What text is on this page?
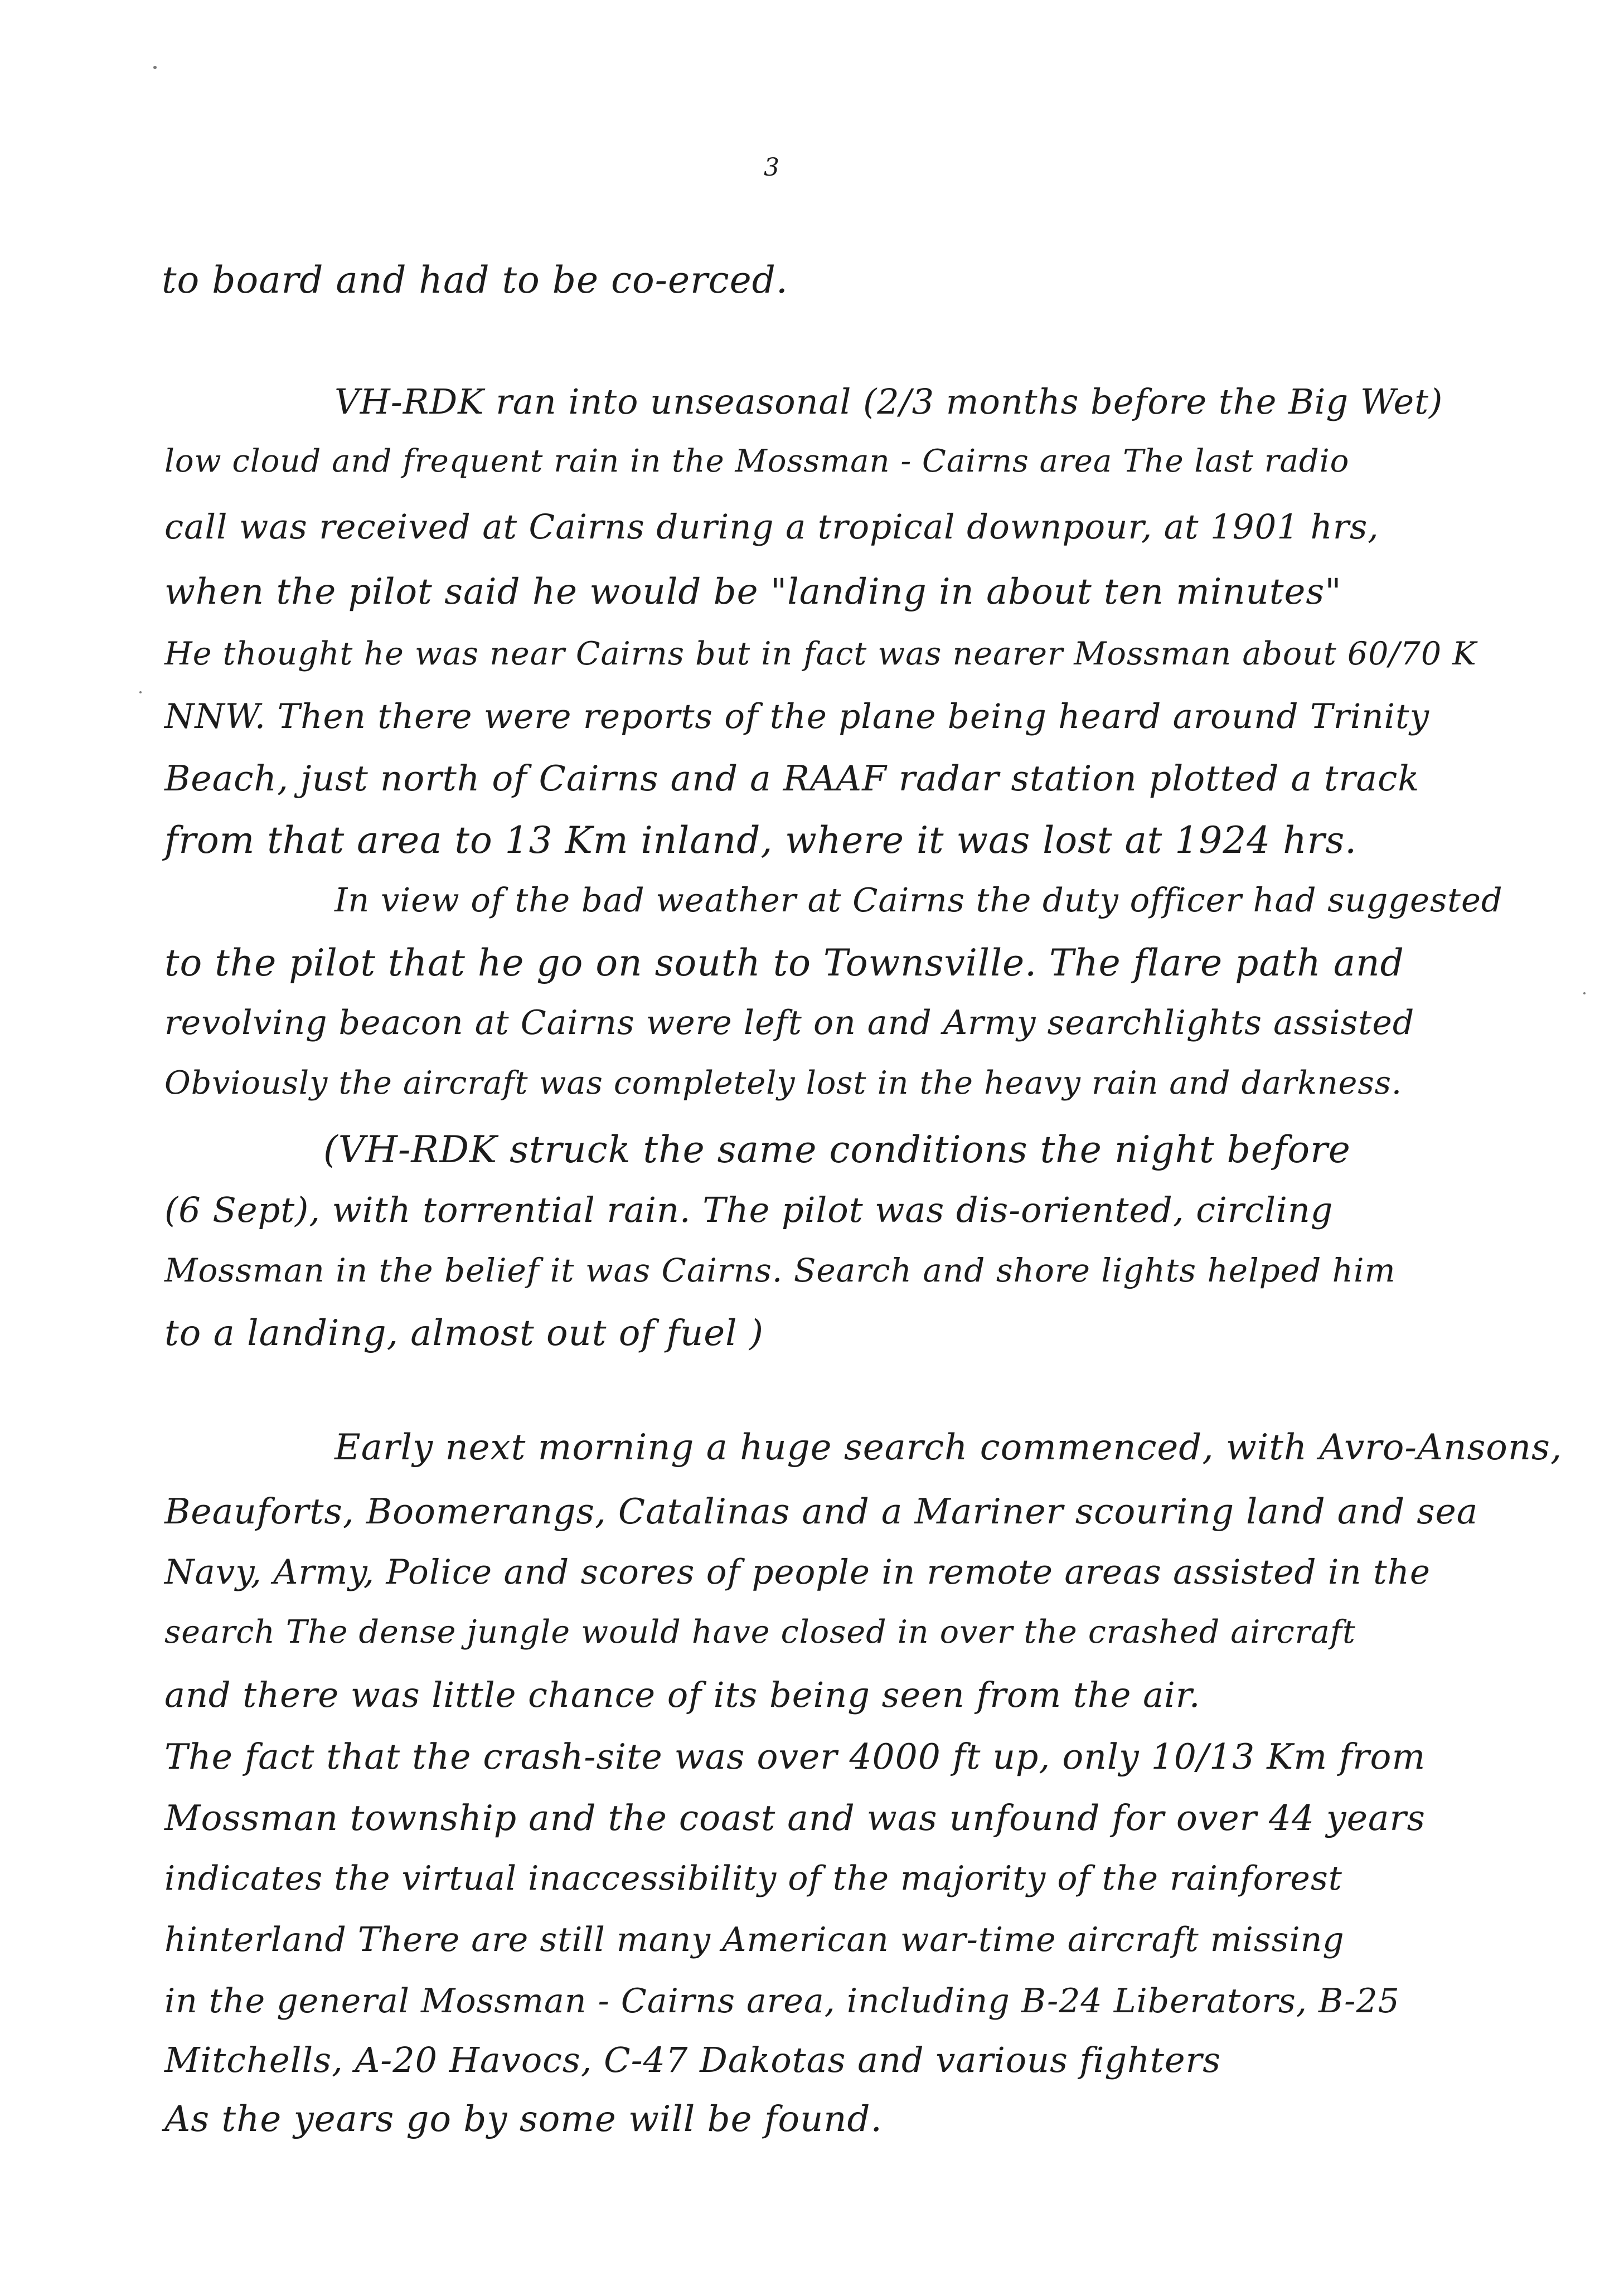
3
to board and had to be co-erced.
VH-RDK ran into unseasonal (2/3 months before the Big Wet)
low cloud and frequent rain in the Mossman - Cairns area The last radio
call was received at Cairns during a tropical downpour, at 1901 hrs,
when the pilot said he would be "landing in about ten minutes"
He thought he was near Cairns but in fact was nearer Mossman about 60/70 K
NNW. Then there were reports of the plane being heard around Trinity
Beach, just north of Cairns and a RAAF radar station plotted a track
from that area to 13 Km inland, where it was lost at 1924 hrs.
In view of the bad weather at Cairns the duty officer had suggested
to the pilot that he go on south to Townsville. The flare path and
revolving beacon at Cairns were left on and Army searchlights assisted
Obviously the aircraft was completely lost in the heavy rain and darkness.
(VH-RDK struck the same conditions the night before
(6 Sept), with torrential rain. The pilot was dis-oriented, circling
Mossman in the belief it was Cairns. Search and shore lights helped him
to a landing, almost out of fuel )
Early next morning a huge search commenced, with Avro-Ansons,
Beauforts, Boomerangs, Catalinas and a Mariner scouring land and sea
Navy, Army, Police and scores of people in remote areas assisted in the
search The dense jungle would have closed in over the crashed aircraft
and there was little chance of its being seen from the air.
The fact that the crash-site was over 4000 ft up, only 10/13 Km from
Mossman township and the coast and was unfound for over 44 years
indicates the virtual inaccessibility of the majority of the rainforest
hinterland There are still many American war-time aircraft missing
in the general Mossman - Cairns area, including B-24 Liberators, B-25
Mitchells, A-20 Havocs, C-47 Dakotas and various fighters
As the years go by some will be found.
